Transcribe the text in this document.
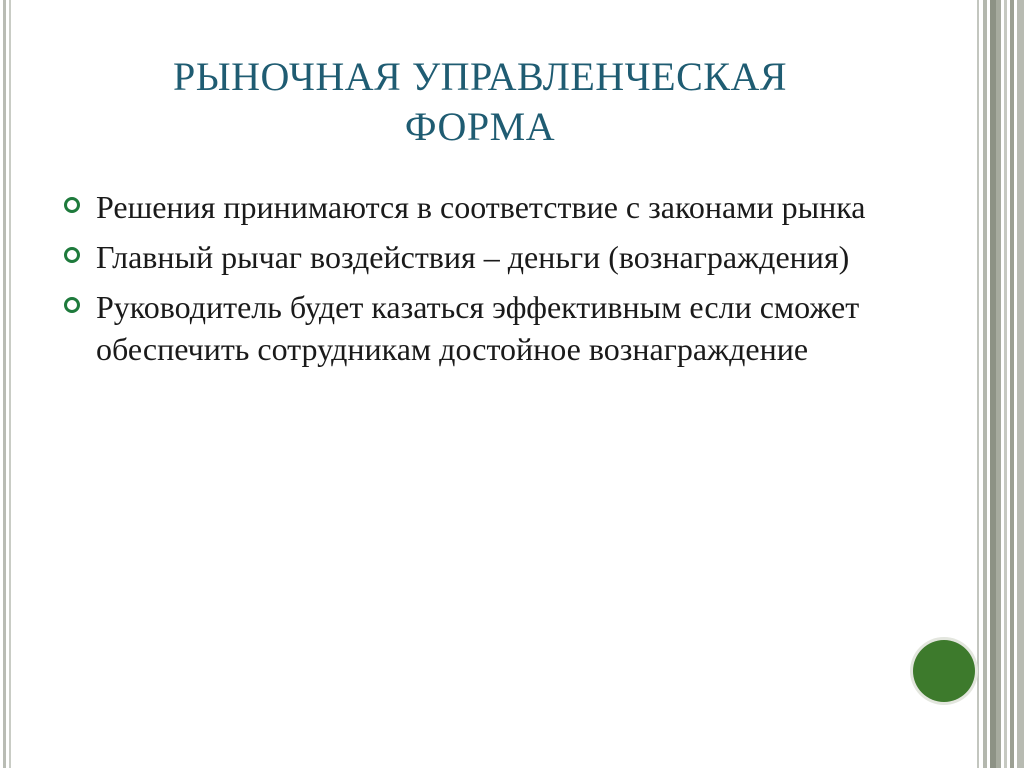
РЫНОЧНАЯ УПРАВЛЕНЧЕСКАЯ
ФОРМА
Решения принимаются в соответствие с законами рынка
Главный рычаг воздействия – деньги (вознаграждения)
Руководитель будет казаться эффективным если сможет обеспечить сотрудникам достойное вознаграждение
